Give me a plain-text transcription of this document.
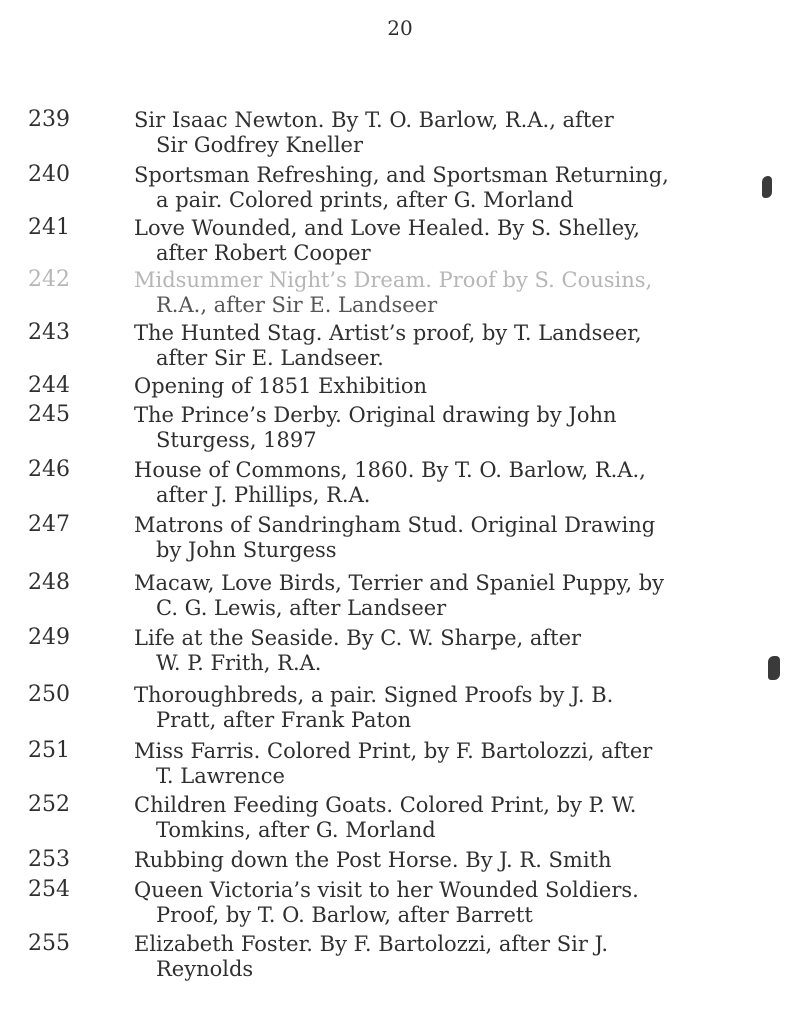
20
239	Sir Isaac Newton. By T. O. Barlow, R.A., after
Sir Godfrey Kneller
240	Sportsman Refreshing, and Sportsman Returning,
a pair. Colored prints, after G. Morland
241	Love Wounded, and Love Healed. By S. Shelley,
after Robert Cooper
242	Midsummer Night’s Dream. Proof by S. Cousins,
R.A., after Sir E. Landseer
243	The Hunted Stag. Artist’s proof, by T. Landseer,
after Sir E. Landseer.
244	Opening of 1851 Exhibition
245	The Prince’s Derby. Original drawing by John
Sturgess, 1897
246	House of Commons, 1860. By T. O. Barlow, R.A.,
after J. Phillips, R.A.
247	Matrons of Sandringham Stud. Original Drawing
by John Sturgess
248	Macaw, Love Birds, Terrier and Spaniel Puppy, by
C. G. Lewis, after Landseer
249	Life at the Seaside. By C. W. Sharpe, after
W. P. Frith, R.A.
250	Thoroughbreds, a pair. Signed Proofs by J. B.
Pratt, after Frank Paton
251	Miss Farris. Colored Print, by F. Bartolozzi, after
T. Lawrence
252	Children Feeding Goats. Colored Print, by P. W.
Tomkins, after G. Morland
253	Rubbing down the Post Horse. By J. R. Smith
254	Queen Victoria’s visit to her Wounded Soldiers.
Proof, by T. O. Barlow, after Barrett
255	Elizabeth Foster. By F. Bartolozzi, after Sir J.
Reynolds
